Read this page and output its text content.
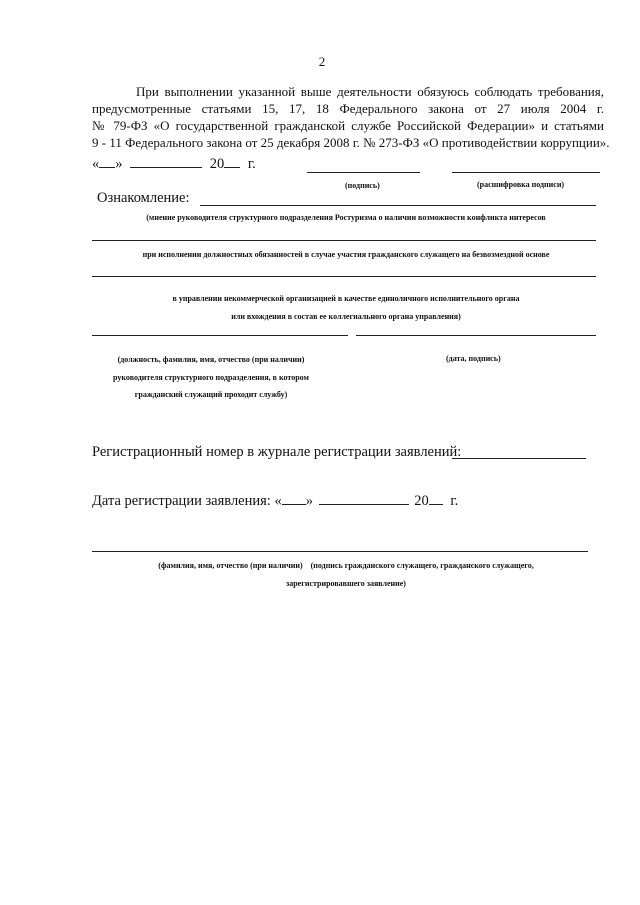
2
При выполнении указанной выше деятельности обязуюсь соблюдать требования,
предусмотренные статьями 15, 17, 18 Федерального закона от 27 июля 2004 г.
№ 79-ФЗ «О государственной гражданской службе Российской Федерации» и статьями
9 - 11 Федерального закона от 25 декабря 2008 г. № 273-ФЗ «О противодействии коррупции».
« »	20 г.
(подпись)	(расшифровка подписи)
Ознакомление:
(мнение руководителя структурного подразделения Ростуризма о наличии возможности конфликта интересов
при исполнении должностных обязанностей в случае участия гражданского служащего на безвозмездной основе
в управлении некоммерческой организацией в качестве единоличного исполнительного органа
или вхождения в состав ее коллегиального органа управления)
(должность, фамилия, имя, отчество (при наличии)
руководителя структурного подразделения, в котором
гражданский служащий проходит службу)
(дата, подпись)
Регистрационный номер в журнале регистрации заявлений:
Дата регистрации заявления: « »	20 г.
(фамилия, имя, отчество (при наличии)    (подпись гражданского служащего, гражданского служащего,
зарегистрировавшего заявление)
